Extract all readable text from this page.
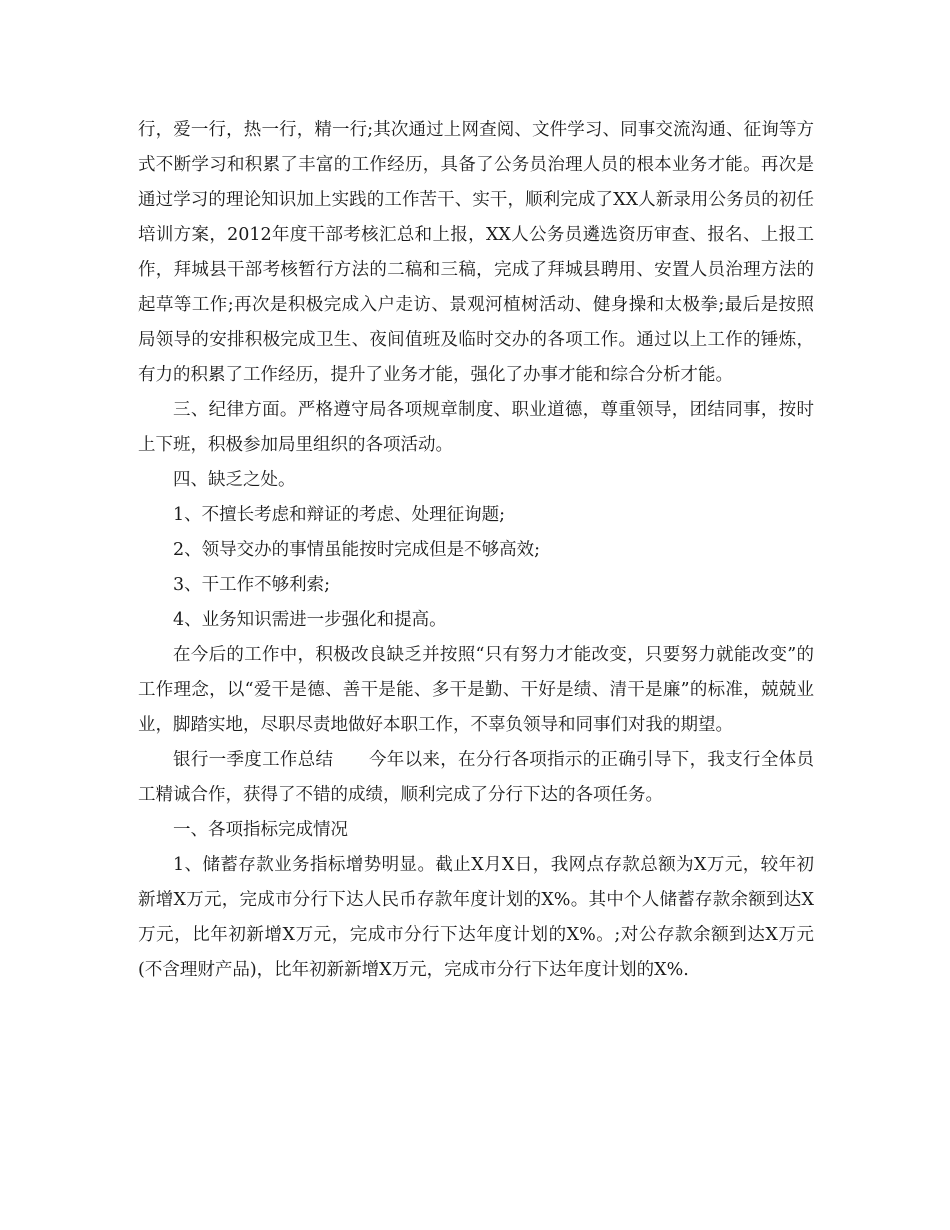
行，爱一行，热一行，精一行;其次通过上网查阅、文件学习、同事交流沟通、征询等方式不断学习和积累了丰富的工作经历，具备了公务员治理人员的根本业务才能。再次是通过学习的理论知识加上实践的工作苦干、实干，顺利完成了XX人新录用公务员的初任培训方案，2012年度干部考核汇总和上报，XX人公务员遴选资历审查、报名、上报工作，拜城县干部考核暂行方法的二稿和三稿，完成了拜城县聘用、安置人员治理方法的起草等工作;再次是积极完成入户走访、景观河植树活动、健身操和太极拳;最后是按照局领导的安排积极完成卫生、夜间值班及临时交办的各项工作。通过以上工作的锤炼，有力的积累了工作经历，提升了业务才能，强化了办事才能和综合分析才能。

三、纪律方面。严格遵守局各项规章制度、职业道德，尊重领导，团结同事，按时上下班，积极参加局里组织的各项活动。

四、缺乏之处。

1、不擅长考虑和辩证的考虑、处理征询题;

2、领导交办的事情虽能按时完成但是不够高效;

3、干工作不够利索;

4、业务知识需进一步强化和提高。

在今后的工作中，积极改良缺乏并按照“只有努力才能改变，只要努力就能改变”的工作理念，以“爱干是德、善干是能、多干是勤、干好是绩、清干是廉”的标准，兢兢业业，脚踏实地，尽职尽责地做好本职工作，不辜负领导和同事们对我的期望。

银行一季度工作总结　　今年以来，在分行各项指示的正确引导下，我支行全体员工精诚合作，获得了不错的成绩，顺利完成了分行下达的各项任务。

一、各项指标完成情况

1、储蓄存款业务指标增势明显。截止X月X日，我网点存款总额为X万元，较年初新增X万元，完成市分行下达人民币存款年度计划的X%。其中个人储蓄存款余额到达X万元，比年初新增X万元，完成市分行下达年度计划的X%。;对公存款余额到达X万元(不含理财产品)，比年初新新增X万元，完成市分行下达年度计划的X%.
